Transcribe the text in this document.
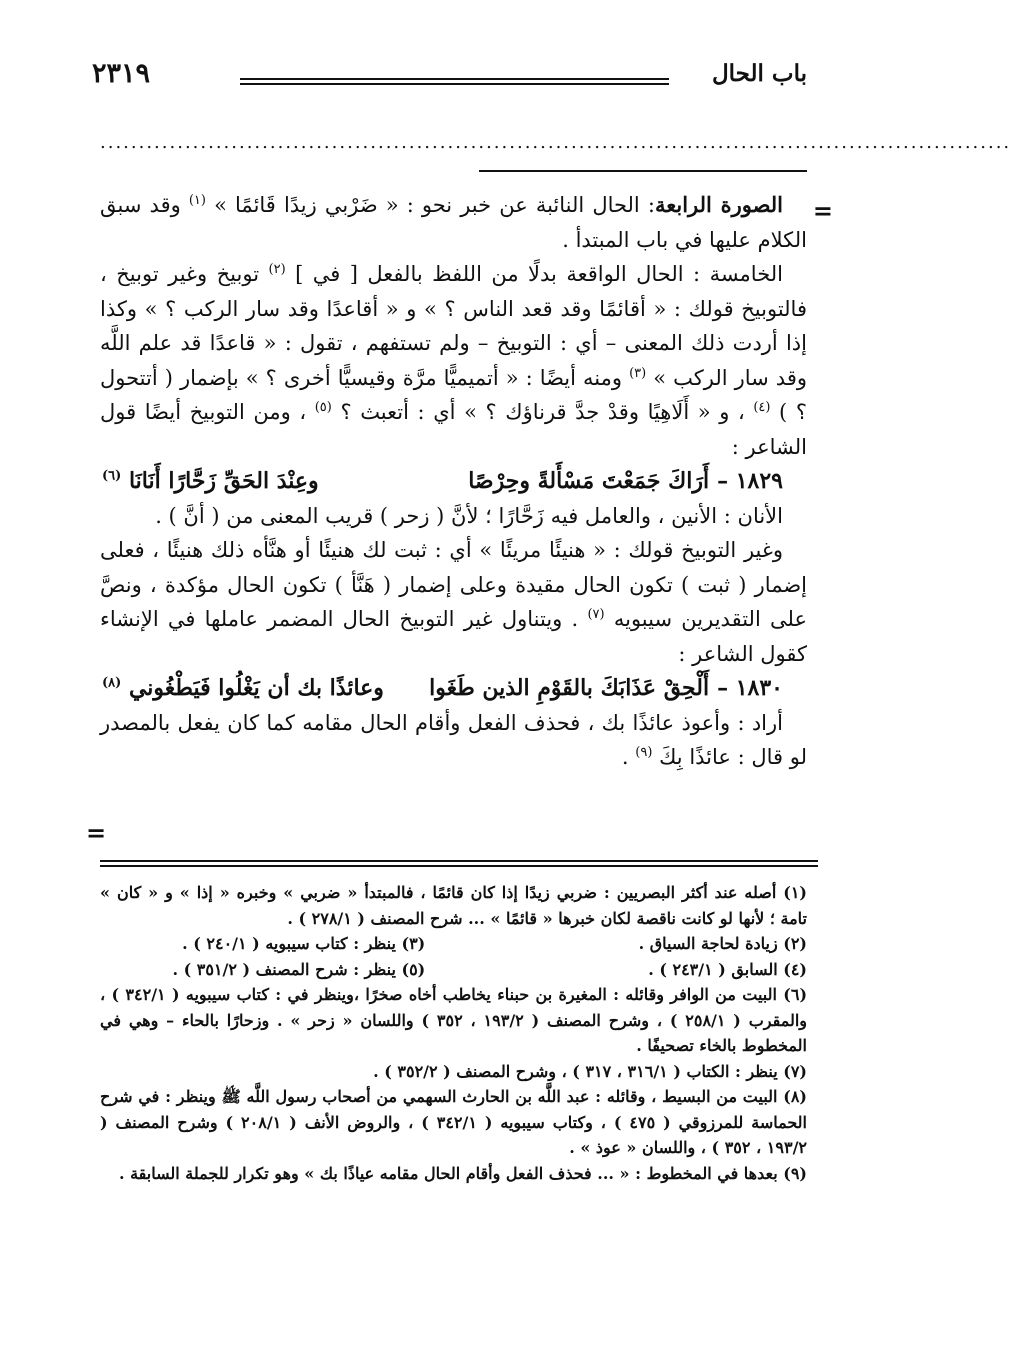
باب الحال
٢٣١٩
......................................................................................................................
=
=

الصورة الرابعة: الحال النائبة عن خبر نحو : « ضَرْبي زيدًا قَائمًا » $^{(١)}$ وقد سبق الكلام عليها في باب المبتدأ .

الخامسة : الحال الواقعة بدلًا من اللفظ بالفعل [ في ] $^{(٢)}$ توبيخ وغير توبيخ ، فالتوبيخ قولك : « أقائمًا وقد قعد الناس ؟ » و « أقاعدًا وقد سار الركب ؟ » وكذا إذا أردت ذلك المعنى – أي : التوبيخ – ولم تستفهم ، تقول : « قاعدًا قد علم اللَّه وقد سار الركب » $^{(٣)}$ ومنه أيضًا : « أتميميًّا مرَّة وقيسيًّا أخرى ؟ » بإضمار ( أتتحول ؟ ) $^{(٤)}$ ، و « أَلَاهِيًا وقدْ جدَّ قرناؤك ؟ » أي : أتعبث ؟ $^{(٥)}$ ، ومن التوبيخ أيضًا قول الشاعر :

١٨٢٩ –أَرَاكَ جَمَعْتَ مَسْأَلةً وحِرْصًا
وعِنْدَ الحَقِّ زَحَّارًا أَنَانَا $^{(٦)}$

الأنان : الأنين ، والعامل فيه زَحَّارًا ؛ لأنَّ ( زحر ) قريب المعنى من ( أنَّ ) .

وغير التوبيخ قولك : « هنيئًا مريئًا » أي : ثبت لك هنيئًا أو هنَّأه ذلك هنيئًا ، فعلى إضمار ( ثبت ) تكون الحال مقيدة وعلى إضمار ( هَنَّأ ) تكون الحال مؤكدة ، ونصَّ على التقديرين سيبويه $^{(٧)}$ . ويتناول غير التوبيخ الحال المضمر عاملها في الإنشاء كقول الشاعر :

١٨٣٠ –أَلْحِقْ عَذَابَكَ بالقَوْمِ الذين طَغَوا
وعائذًا بك أن يَغْلُوا فَيَطْغُوني $^{(٨)}$

أراد : وأعوذ عائذًا بك ، فحذف الفعل وأقام الحال مقامه كما كان يفعل بالمصدر لو قال : عائذًا بِكَ $^{(٩)}$ .

(١) أصله عند أكثر البصريين : ضربي زيدًا إذا كان قائمًا ، فالمبتدأ « ضربي » وخبره « إذا » و « كان » تامة ؛ لأنها لو كانت ناقصة لكان خبرها « قائمًا » ... شرح المصنف ( ٢٧٨/١ ) .

(٢) زيادة لحاجة السياق .
(٣) ينظر : كتاب سيبويه ( ٢٤٠/١ ) .
(٤) السابق ( ٢٤٣/١ ) .
(٥) ينظر : شرح المصنف ( ٣٥١/٢ ) .

(٦) البيت من الوافر وقائله : المغيرة بن حبناء يخاطب أخاه صخرًا ،وينظر في : كتاب سيبويه ( ٣٤٢/١ ) ، والمقرب ( ٢٥٨/١ ) ، وشرح المصنف ( ١٩٣/٢ ، ٣٥٢ ) واللسان « زحر » . وزحارًا بالحاء – وهي في المخطوط بالخاء تصحيفًا .

(٧) ينظر : الكتاب ( ٣١٦/١ ، ٣١٧ ) ، وشرح المصنف ( ٣٥٢/٢ ) .

(٨) البيت من البسيط ، وقائله : عبد اللَّه بن الحارث السهمي من أصحاب رسول اللَّه ﷺ وينظر : في شرح الحماسة للمرزوقي ( ٤٧٥ ) ، وكتاب سيبويه ( ٣٤٢/١ ) ، والروض الأنف ( ٢٠٨/١ ) وشرح المصنف ( ١٩٣/٢ ، ٣٥٢ ) ، واللسان « عوذ » .

(٩) بعدها في المخطوط : « ... فحذف الفعل وأقام الحال مقامه عياذًا بك » وهو تكرار للجملة السابقة .
